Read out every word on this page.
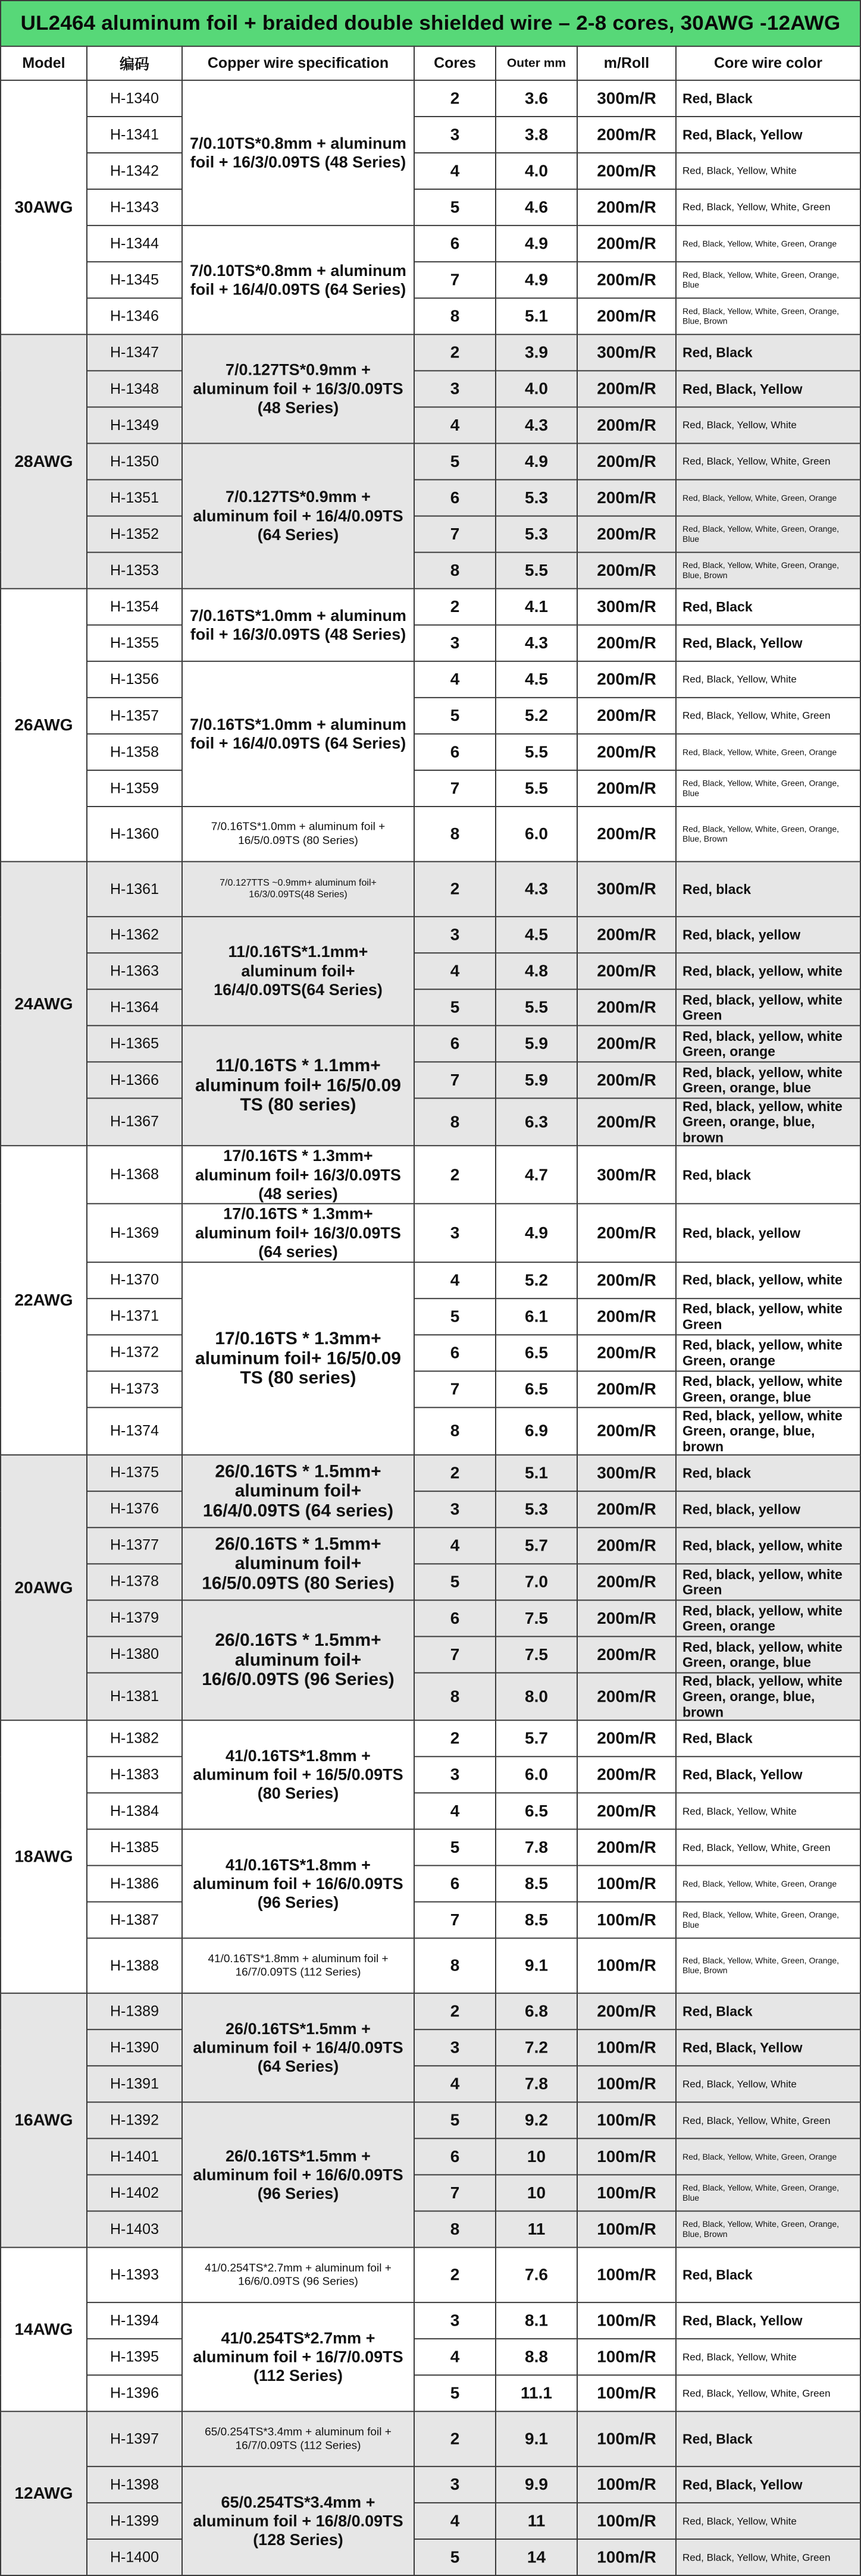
UL2464 aluminum foil + braided double shielded wire – 2-8 cores, 30AWG -12AWG						
Model	编码	Copper wire specification	Cores	Outer mm	m/Roll	Core wire color
30AWG	H-1340	7/0.10TS*0.8mm + aluminum foil + 16/3/0.09TS (48 Series)	2	3.6	300m/R	Red, Black
	H-1341		3	3.8	200m/R	Red, Black, Yellow
	H-1342		4	4.0	200m/R	Red, Black, Yellow, White
	H-1343		5	4.6	200m/R	Red, Black, Yellow, White, Green
	H-1344	7/0.10TS*0.8mm + aluminum foil + 16/4/0.09TS (64 Series)	6	4.9	200m/R	Red, Black, Yellow, White, Green, Orange
	H-1345		7	4.9	200m/R	Red, Black, Yellow, White, Green, Orange, Blue
	H-1346		8	5.1	200m/R	Red, Black, Yellow, White, Green, Orange, Blue, Brown
28AWG	H-1347	7/0.127TS*0.9mm + aluminum foil + 16/3/0.09TS (48 Series)	2	3.9	300m/R	Red, Black
	H-1348		3	4.0	200m/R	Red, Black, Yellow
	H-1349		4	4.3	200m/R	Red, Black, Yellow, White
	H-1350	7/0.127TS*0.9mm + aluminum foil + 16/4/0.09TS (64 Series)	5	4.9	200m/R	Red, Black, Yellow, White, Green
	H-1351		6	5.3	200m/R	Red, Black, Yellow, White, Green, Orange
	H-1352		7	5.3	200m/R	Red, Black, Yellow, White, Green, Orange, Blue
	H-1353		8	5.5	200m/R	Red, Black, Yellow, White, Green, Orange, Blue, Brown
26AWG	H-1354	7/0.16TS*1.0mm + aluminum foil + 16/3/0.09TS (48 Series)	2	4.1	300m/R	Red, Black
	H-1355		3	4.3	200m/R	Red, Black, Yellow
	H-1356	7/0.16TS*1.0mm + aluminum foil + 16/4/0.09TS (64 Series)	4	4.5	200m/R	Red, Black, Yellow, White
	H-1357		5	5.2	200m/R	Red, Black, Yellow, White, Green
	H-1358		6	5.5	200m/R	Red, Black, Yellow, White, Green, Orange
	H-1359		7	5.5	200m/R	Red, Black, Yellow, White, Green, Orange, Blue
	H-1360	7/0.16TS*1.0mm + aluminum foil + 16/5/0.09TS (80 Series)	8	6.0	200m/R	Red, Black, Yellow, White, Green, Orange, Blue, Brown
24AWG	H-1361	7/0.127TTS ~0.9mm+ aluminum foil+ 16/3/0.09TS(48 Series)	2	4.3	300m/R	Red, black
	H-1362	11/0.16TS*1.1mm+ aluminum foil+ 16/4/0.09TS(64 Series)	3	4.5	200m/R	Red, black, yellow
	H-1363		4	4.8	200m/R	Red, black, yellow, white
	H-1364		5	5.5	200m/R	Red, black, yellow, white Green
	H-1365	11/0.16TS * 1.1mm+ aluminum foil+ 16/5/0.09 TS (80 series)	6	5.9	200m/R	Red, black, yellow, white Green, orange
	H-1366		7	5.9	200m/R	Red, black, yellow, white Green, orange, blue
	H-1367		8	6.3	200m/R	Red, black, yellow, white Green, orange, blue, brown
22AWG	H-1368	17/0.16TS * 1.3mm+ aluminum foil+ 16/3/0.09TS (48 series)	2	4.7	300m/R	Red, black
	H-1369	17/0.16TS * 1.3mm+ aluminum foil+ 16/3/0.09TS (64 series)	3	4.9	200m/R	Red, black, yellow
	H-1370	17/0.16TS * 1.3mm+ aluminum foil+ 16/5/0.09 TS (80 series)	4	5.2	200m/R	Red, black, yellow, white
	H-1371		5	6.1	200m/R	Red, black, yellow, white Green
	H-1372		6	6.5	200m/R	Red, black, yellow, white Green, orange
	H-1373		7	6.5	200m/R	Red, black, yellow, white Green, orange, blue
	H-1374		8	6.9	200m/R	Red, black, yellow, white Green, orange, blue, brown
20AWG	H-1375	26/0.16TS * 1.5mm+ aluminum foil+ 16/4/0.09TS (64 series)	2	5.1	300m/R	Red, black
	H-1376		3	5.3	200m/R	Red, black, yellow
	H-1377	26/0.16TS * 1.5mm+ aluminum foil+ 16/5/0.09TS (80 Series)	4	5.7	200m/R	Red, black, yellow, white
	H-1378		5	7.0	200m/R	Red, black, yellow, white Green
	H-1379	26/0.16TS * 1.5mm+ aluminum foil+ 16/6/0.09TS (96 Series)	6	7.5	200m/R	Red, black, yellow, white Green, orange
	H-1380		7	7.5	200m/R	Red, black, yellow, white Green, orange, blue
	H-1381		8	8.0	200m/R	Red, black, yellow, white Green, orange, blue, brown
18AWG	H-1382	41/0.16TS*1.8mm + aluminum foil + 16/5/0.09TS (80 Series)	2	5.7	200m/R	Red, Black
	H-1383		3	6.0	200m/R	Red, Black, Yellow
	H-1384		4	6.5	200m/R	Red, Black, Yellow, White
	H-1385	41/0.16TS*1.8mm + aluminum foil + 16/6/0.09TS (96 Series)	5	7.8	200m/R	Red, Black, Yellow, White, Green
	H-1386		6	8.5	100m/R	Red, Black, Yellow, White, Green, Orange
	H-1387		7	8.5	100m/R	Red, Black, Yellow, White, Green, Orange, Blue
	H-1388	41/0.16TS*1.8mm + aluminum foil + 16/7/0.09TS (112 Series)	8	9.1	100m/R	Red, Black, Yellow, White, Green, Orange, Blue, Brown
16AWG	H-1389	26/0.16TS*1.5mm + aluminum foil + 16/4/0.09TS (64 Series)	2	6.8	200m/R	Red, Black
	H-1390		3	7.2	100m/R	Red, Black, Yellow
	H-1391		4	7.8	100m/R	Red, Black, Yellow, White
	H-1392	26/0.16TS*1.5mm + aluminum foil + 16/6/0.09TS (96 Series)	5	9.2	100m/R	Red, Black, Yellow, White, Green
	H-1401		6	10	100m/R	Red, Black, Yellow, White, Green, Orange
	H-1402		7	10	100m/R	Red, Black, Yellow, White, Green, Orange, Blue
	H-1403		8	11	100m/R	Red, Black, Yellow, White, Green, Orange, Blue, Brown
14AWG	H-1393	41/0.254TS*2.7mm + aluminum foil + 16/6/0.09TS (96 Series)	2	7.6	100m/R	Red, Black
	H-1394	41/0.254TS*2.7mm + aluminum foil + 16/7/0.09TS (112 Series)	3	8.1	100m/R	Red, Black, Yellow
	H-1395		4	8.8	100m/R	Red, Black, Yellow, White
	H-1396		5	11.1	100m/R	Red, Black, Yellow, White, Green
12AWG	H-1397	65/0.254TS*3.4mm + aluminum foil + 16/7/0.09TS (112 Series)	2	9.1	100m/R	Red, Black
	H-1398	65/0.254TS*3.4mm + aluminum foil + 16/8/0.09TS (128 Series)	3	9.9	100m/R	Red, Black, Yellow
	H-1399		4	11	100m/R	Red, Black, Yellow, White
	H-1400		5	14	100m/R	Red, Black, Yellow, White, Green
